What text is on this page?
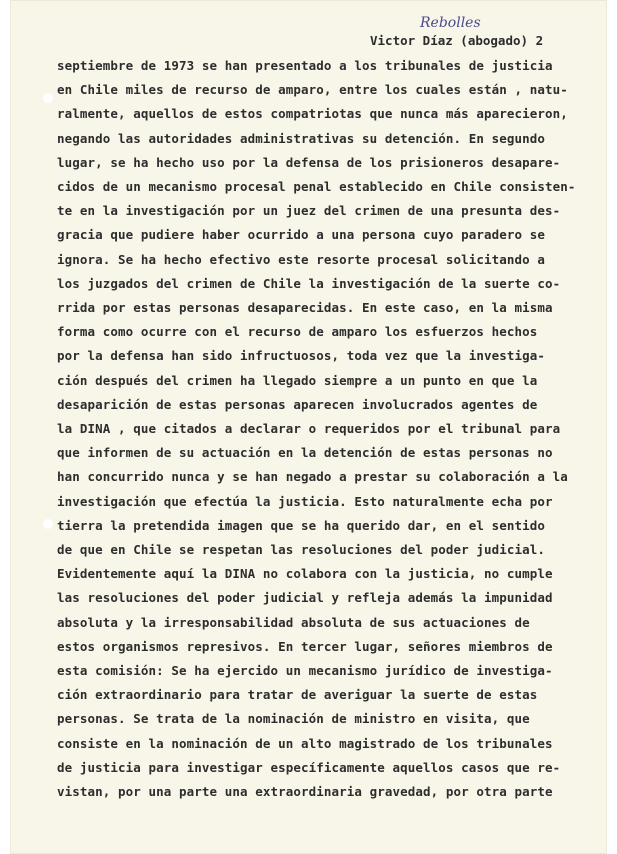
Rebolles
Victor Díaz (abogado) 2
septiembre de 1973 se han presentado a los tribunales de justicia
en Chile miles de recurso de amparo, entre los cuales están , natu-
ralmente, aquellos de estos compatriotas que nunca más aparecieron,
negando las autoridades administrativas su detención. En segundo
lugar, se ha hecho uso por la defensa de los prisioneros desapare-
cidos de un mecanismo procesal penal establecido en Chile consisten-
te en la investigación por un juez del crimen de una presunta des-
gracia que pudiere haber ocurrido a una persona cuyo paradero se
ignora. Se ha hecho efectivo este resorte procesal solicitando a
los juzgados del crimen de Chile la investigación de la suerte co-
rrida por estas personas desaparecidas. En este caso, en la misma
forma como ocurre con el recurso de amparo los esfuerzos hechos
por la defensa han sido infructuosos, toda vez que la investiga-
ción después del crimen ha llegado siempre a un punto en que la
desaparición de estas personas aparecen involucrados agentes de
la DINA , que citados a declarar o requeridos por el tribunal para
que informen de su actuación en la detención de estas personas no
han concurrido nunca y se han negado a prestar su colaboración a la
investigación que efectúa la justicia. Esto naturalmente echa por
tierra la pretendida imagen que se ha querido dar, en el sentido
de que en Chile se respetan las resoluciones del poder judicial.
Evidentemente aquí la DINA no colabora con la justicia, no cumple
las resoluciones del poder judicial y refleja además la impunidad
absoluta y la irresponsabilidad absoluta de sus actuaciones de
estos organismos represivos. En tercer lugar, señores miembros de
esta comisión: Se ha ejercido un mecanismo jurídico de investiga-
ción extraordinario para tratar de averiguar la suerte de estas
personas. Se trata de la nominación de ministro en visita, que
consiste en la nominación de un alto magistrado de los tribunales
de justicia para investigar específicamente aquellos casos que re-
vistan, por una parte una extraordinaria gravedad, por otra parte
